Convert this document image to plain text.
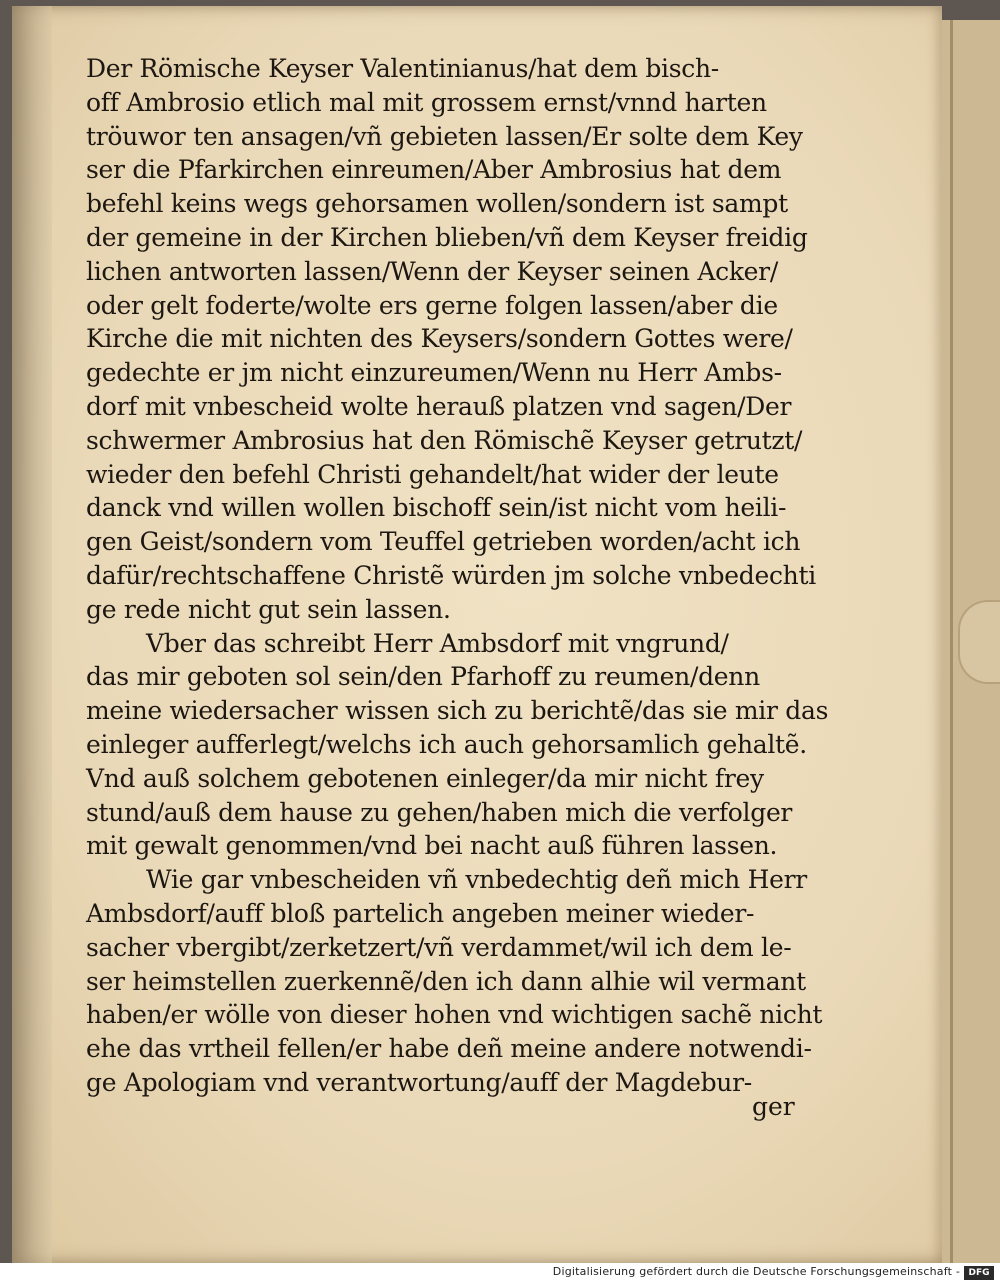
Der Römische Keyser Valentinianus/hat dem bisch-
off Ambrosio etlich mal mit grossem ernst/vnnd harten
tröuwor ten ansagen/vñ gebieten lassen/Er solte dem Key
ser die Pfarkirchen einreumen/Aber Ambrosius hat dem
befehl keins wegs gehorsamen wollen/sondern ist sampt
der gemeine in der Kirchen blieben/vñ dem Keyser freidig
lichen antworten lassen/Wenn der Keyser seinen Acker/
oder gelt foderte/wolte ers gerne folgen lassen/aber die
Kirche die mit nichten des Keysers/sondern Gottes were/
gedechte er jm nicht einzureumen/Wenn nu Herr Ambs-
dorf mit vnbescheid wolte herauß platzen vnd sagen/Der
schwermer Ambrosius hat den Römischẽ Keyser getrutzt/
wieder den befehl Christi gehandelt/hat wider der leute
danck vnd willen wollen bischoff sein/ist nicht vom heili-
gen Geist/sondern vom Teuffel getrieben worden/acht ich
dafür/rechtschaffene Christẽ würden jm solche vnbedechti
ge rede nicht gut sein lassen.
Vber das schreibt Herr Ambsdorf mit vngrund/
das mir geboten sol sein/den Pfarhoff zu reumen/denn
meine wiedersacher wissen sich zu berichtẽ/das sie mir das
einleger aufferlegt/welchs ich auch gehorsamlich gehaltẽ.
Vnd auß solchem gebotenen einleger/da mir nicht frey
stund/auß dem hause zu gehen/haben mich die verfolger
mit gewalt genommen/vnd bei nacht auß führen lassen.
Wie gar vnbescheiden vñ vnbedechtig deñ mich Herr
Ambsdorf/auff bloß partelich angeben meiner wieder-
sacher vbergibt/zerketzert/vñ verdammet/wil ich dem le-
ser heimstellen zuerkennẽ/den ich dann alhie wil vermant
haben/er wölle von dieser hohen vnd wichtigen sachẽ nicht
ehe das vrtheil fellen/er habe deñ meine andere notwendi-
ge Apologiam vnd verantwortung/auff der Magdebur-
ger
Digitalisierung gefördert durch die Deutsche Forschungsgemeinschaft - DFG
